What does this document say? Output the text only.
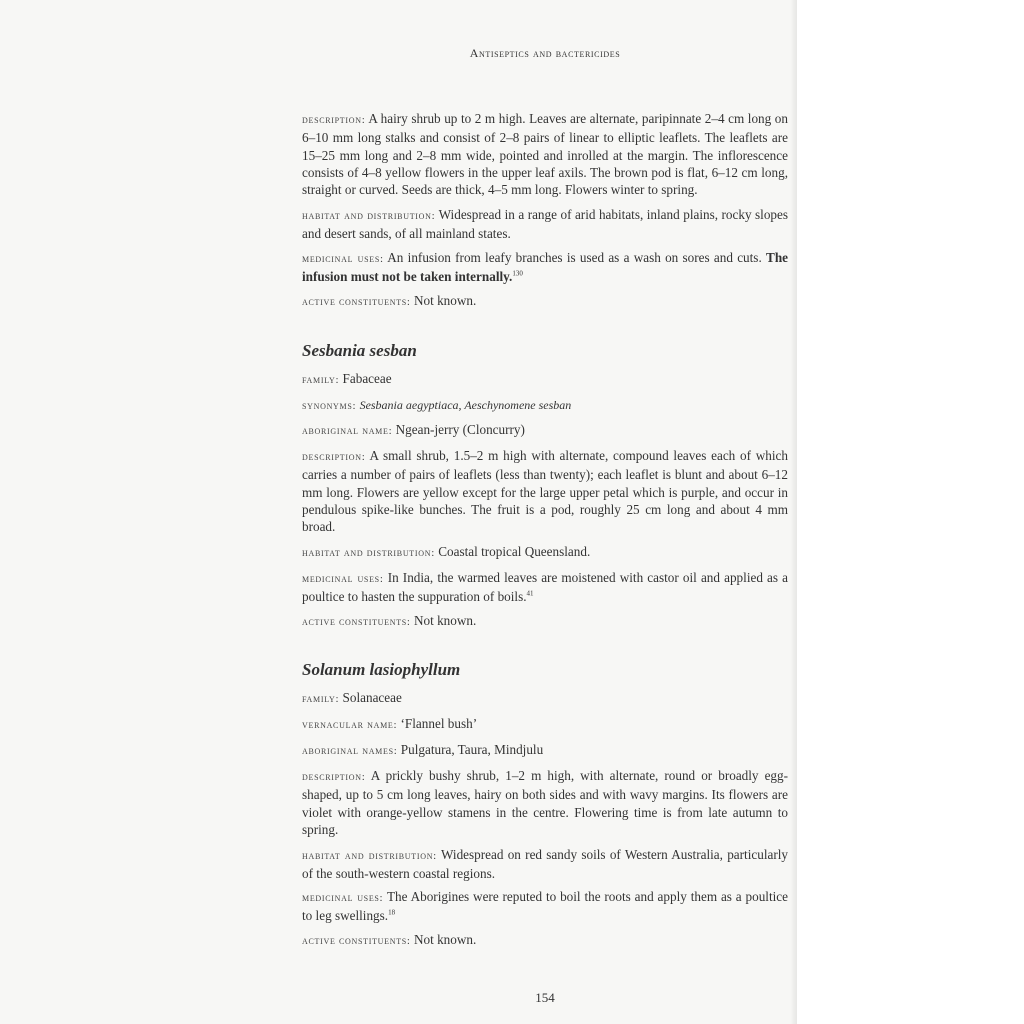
Antiseptics and bactericides

description: A hairy shrub up to 2 m high. Leaves are alternate, paripinnate 2–4 cm long on 6–10 mm long stalks and consist of 2–8 pairs of linear to elliptic leaflets. The leaflets are 15–25 mm long and 2–8 mm wide, pointed and inrolled at the margin. The inflorescence consists of 4–8 yellow flowers in the upper leaf axils. The brown pod is flat, 6–12 cm long, straight or curved. Seeds are thick, 4–5 mm long. Flowers winter to spring.

habitat and distribution: Widespread in a range of arid habitats, inland plains, rocky slopes and desert sands, of all mainland states.

medicinal uses: An infusion from leafy branches is used as a wash on sores and cuts. The infusion must not be taken internally.$^{130}$

active constituents: Not known.

Sesbania sesban

family: Fabaceae

synonyms: Sesbania aegyptiaca, Aeschynomene sesban

aboriginal name: Ngean-jerry (Cloncurry)

description: A small shrub, 1.5–2 m high with alternate, compound leaves each of which carries a number of pairs of leaflets (less than twenty); each leaflet is blunt and about 6–12 mm long. Flowers are yellow except for the large upper petal which is purple, and occur in pendulous spike-like bunches. The fruit is a pod, roughly 25 cm long and about 4 mm broad.

habitat and distribution: Coastal tropical Queensland.

medicinal uses: In India, the warmed leaves are moistened with castor oil and applied as a poultice to hasten the suppuration of boils.$^{41}$

active constituents: Not known.

Solanum lasiophyllum

family: Solanaceae

vernacular name: ‘Flannel bush’

aboriginal names: Pulgatura, Taura, Mindjulu

description: A prickly bushy shrub, 1–2 m high, with alternate, round or broadly egg-shaped, up to 5 cm long leaves, hairy on both sides and with wavy margins. Its flowers are violet with orange-yellow stamens in the centre. Flowering time is from late autumn to spring.

habitat and distribution: Widespread on red sandy soils of Western Australia, particularly of the south-western coastal regions.

medicinal uses: The Aborigines were reputed to boil the roots and apply them as a poultice to leg swellings.$^{18}$

active constituents: Not known.

154
